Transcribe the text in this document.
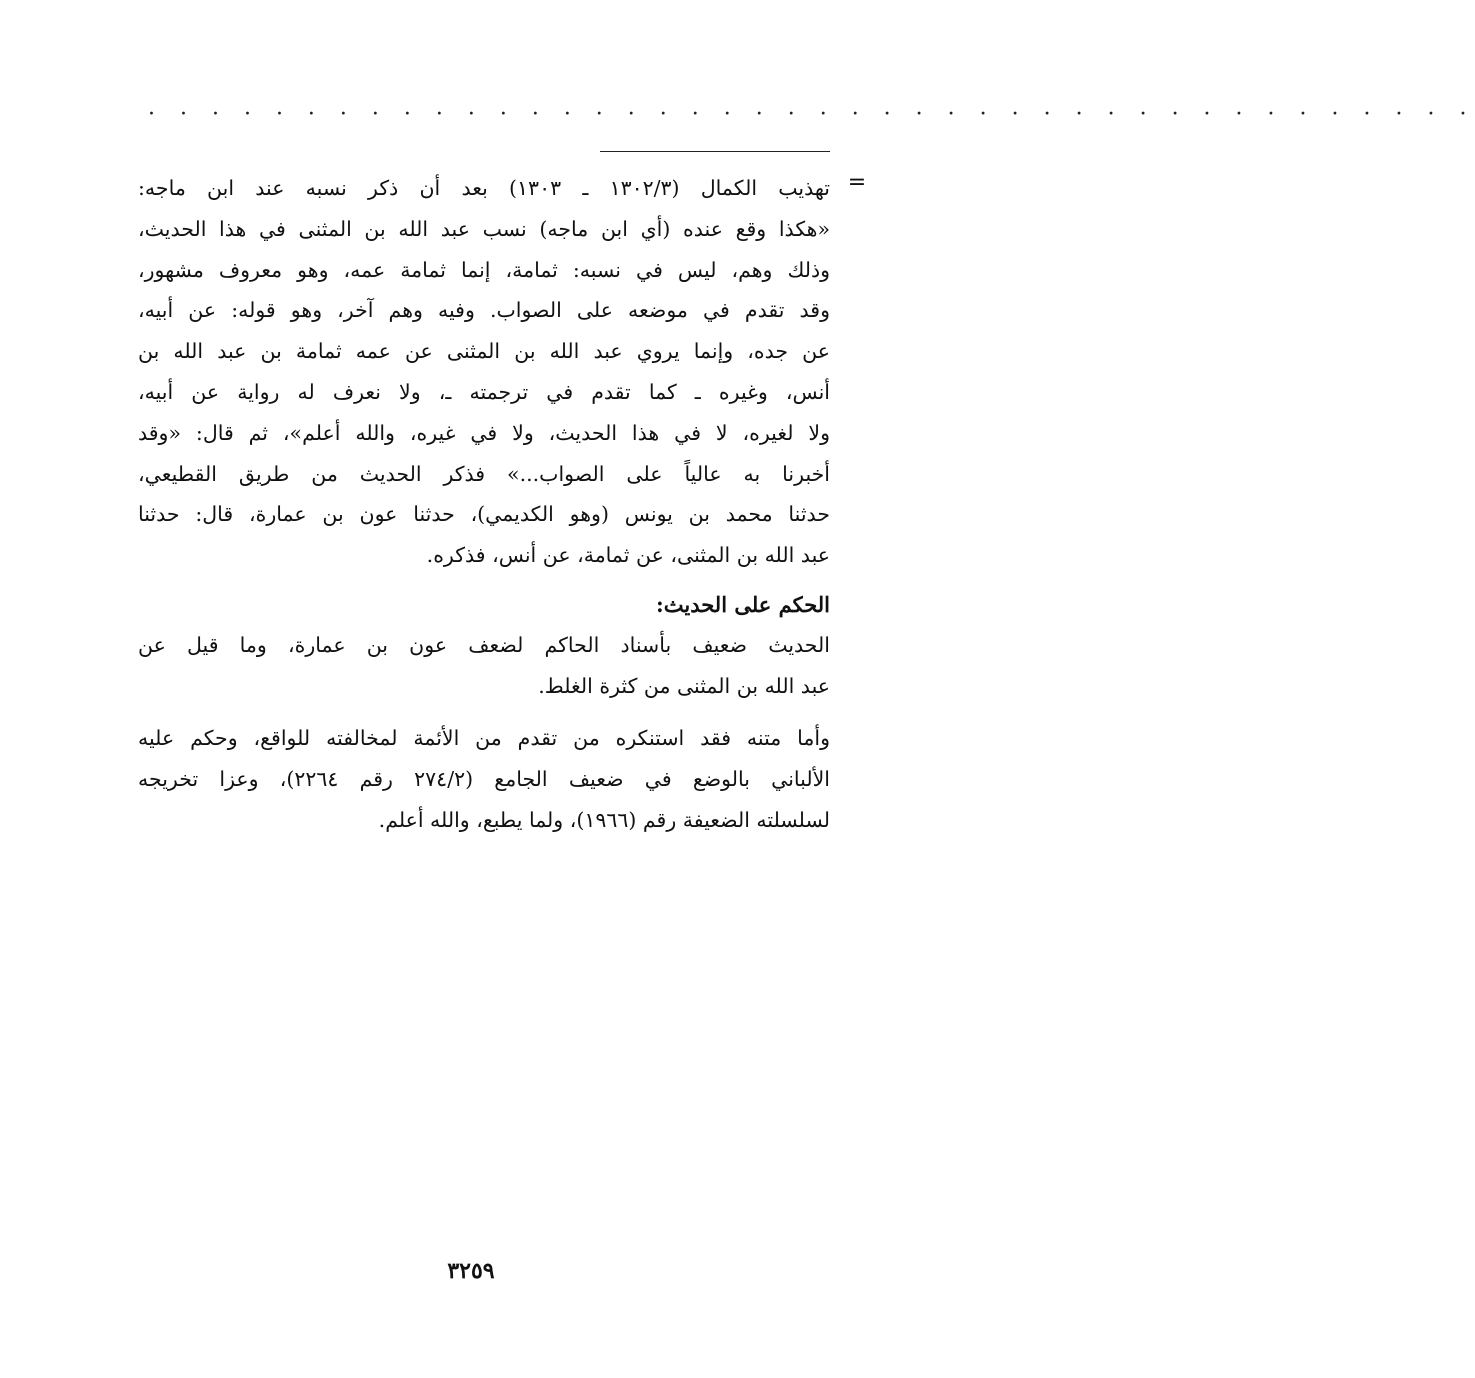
· · · · · · · · · · · · · · · · · · · · · · · · · · · · · · · · · · · · · · · · · ·
=
تهذيب الكمال (١٣٠٢/٣ ـ ١٣٠٣) بعد أن ذكر نسبه عند ابن ماجه:
«هكذا وقع عنده (أي ابن ماجه) نسب عبد الله بن المثنى في هذا الحديث،
وذلك وهم، ليس في نسبه: ثمامة، إنما ثمامة عمه، وهو معروف مشهور،
وقد تقدم في موضعه على الصواب. وفيه وهم آخر، وهو قوله: عن أبيه،
عن جده، وإنما يروي عبد الله بن المثنى عن عمه ثمامة بن عبد الله بن
أنس، وغيره ـ كما تقدم في ترجمته ـ، ولا نعرف له رواية عن أبيه،
ولا لغيره، لا في هذا الحديث، ولا في غيره، والله أعلم»، ثم قال: «وقد
أخبرنا به عالياً على الصواب...» فذكر الحديث من طريق القطيعي،
حدثنا محمد بن يونس (وهو الكديمي)، حدثنا عون بن عمارة، قال: حدثنا
عبد الله بن المثنى، عن ثمامة، عن أنس، فذكره.
الحكم على الحديث:
الحديث ضعيف بأسناد الحاكم لضعف عون بن عمارة، وما قيل عن
عبد الله بن المثنى من كثرة الغلط.
وأما متنه فقد استنكره من تقدم من الأئمة لمخالفته للواقع، وحكم عليه
الألباني بالوضع في ضعيف الجامع (٢٧٤/٢ رقم ٢٢٦٤)، وعزا تخريجه
لسلسلته الضعيفة رقم (١٩٦٦)، ولما يطبع، والله أعلم.
٣٢٥٩
